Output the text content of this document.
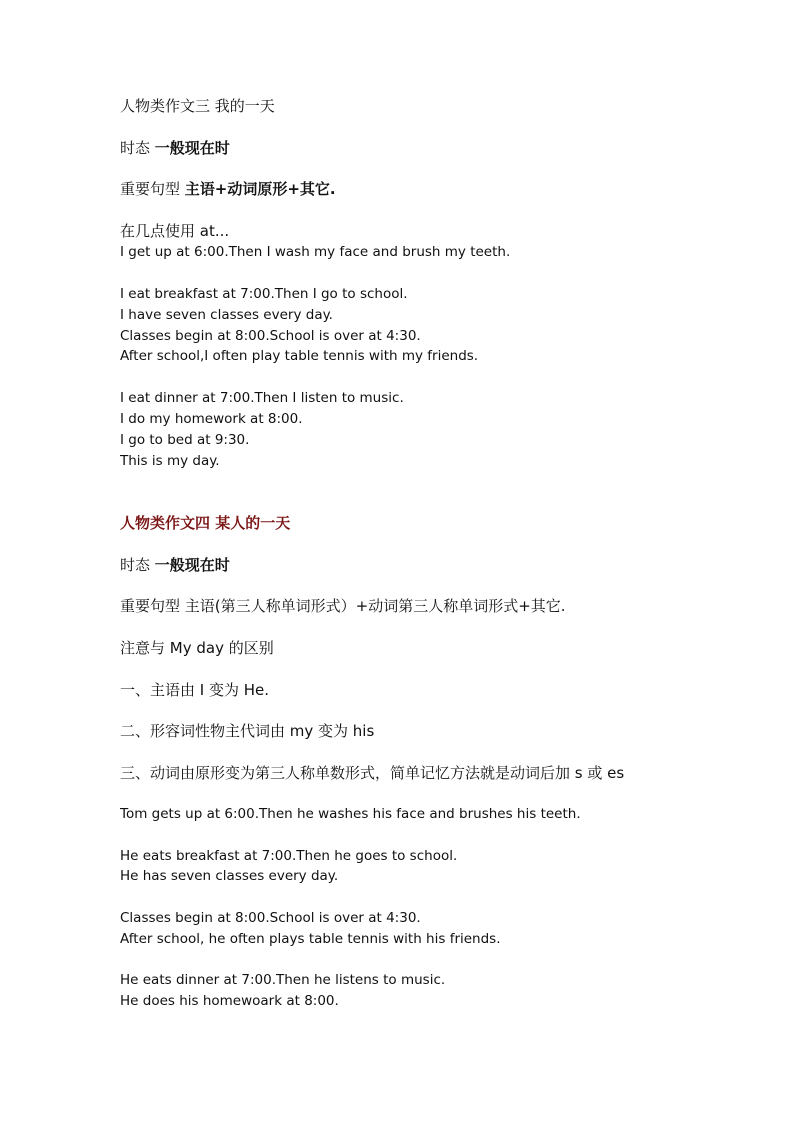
人物类作文三 我的一天
时态 一般现在时
重要句型 主语+动词原形+其它.
在几点使用 at...
I get up at 6:00.Then I wash my face and brush my teeth.
I eat breakfast at 7:00.Then I go to school.
I have seven classes every day.
Classes begin at 8:00.School is over at 4:30.
After school,I often play table tennis with my friends.
I eat dinner at 7:00.Then I listen to music.
I do my homework at 8:00.
I go to bed at 9:30.
This is my day.
人物类作文四 某人的一天
时态 一般现在时
重要句型 主语(第三人称单词形式）+动词第三人称单词形式+其它.
注意与 My day 的区别
一、主语由 I 变为 He.
二、形容词性物主代词由 my 变为 his
三、动词由原形变为第三人称单数形式，简单记忆方法就是动词后加 s 或 es
Tom gets up at 6:00.Then he washes his face and brushes his teeth.
He eats breakfast at 7:00.Then he goes to school.
He has seven classes every day.
Classes begin at 8:00.School is over at 4:30.
After school, he often plays table tennis with his friends.
He eats dinner at 7:00.Then he listens to music.
He does his homewoark at 8:00.
